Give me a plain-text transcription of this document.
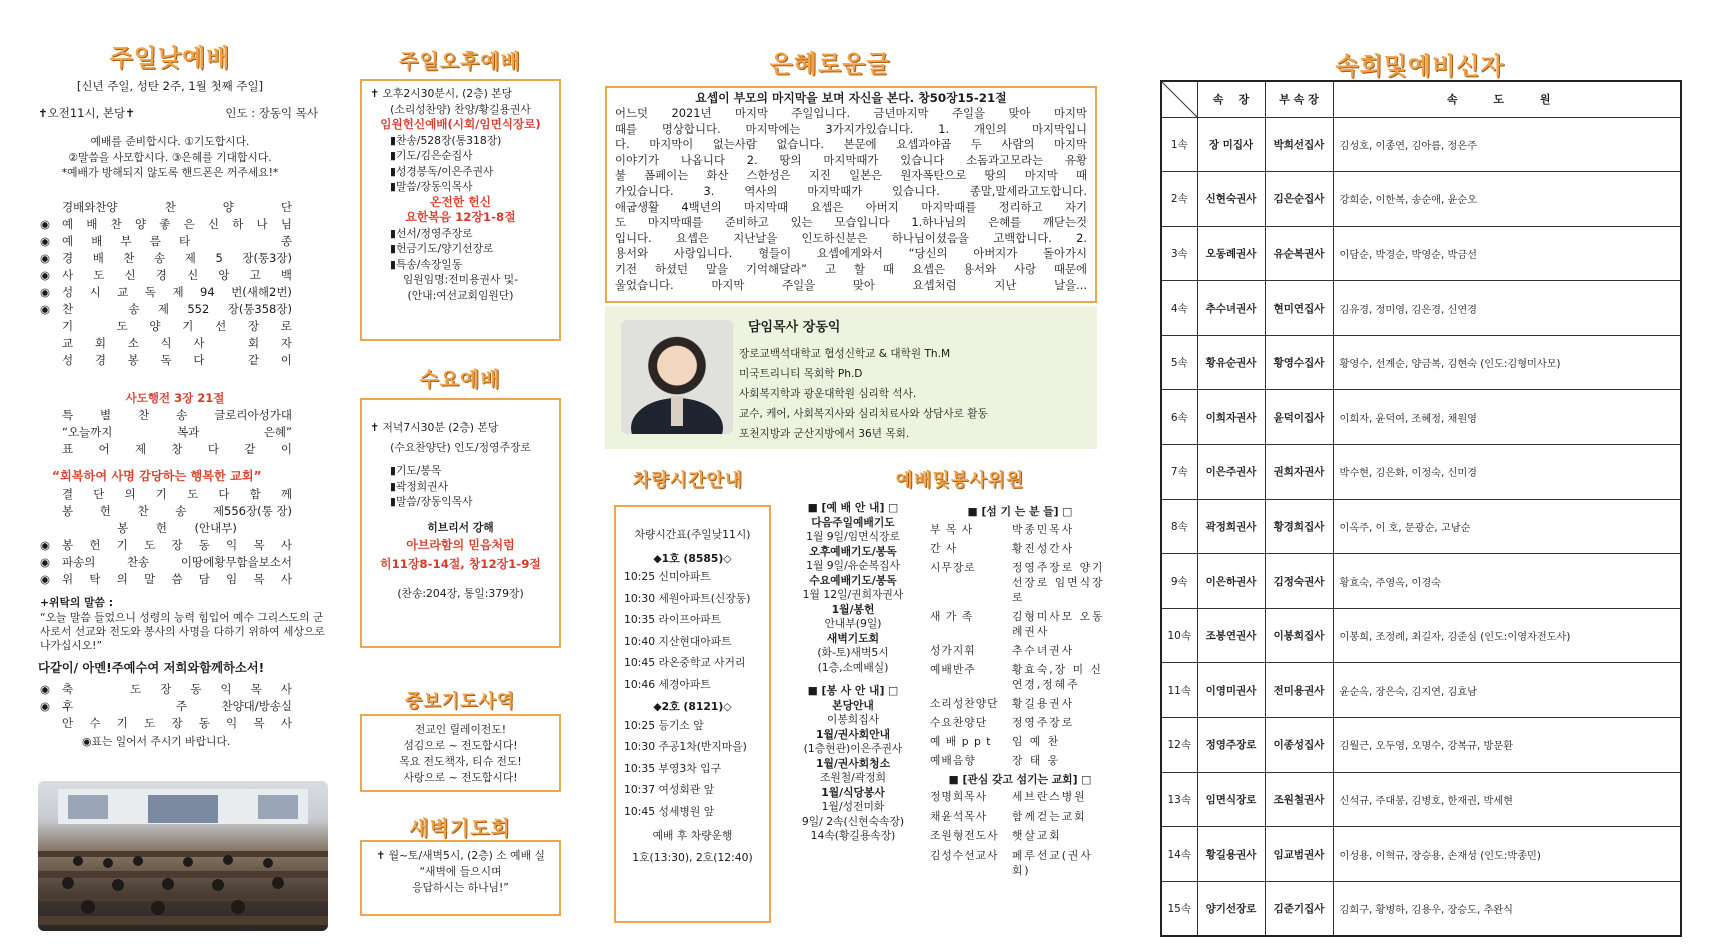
주일낮예배
[신년 주일, 성탄 2주, 1월 첫째 주일]
✝오전11시, 본당✝	인도 : 장동익 목사
예배를 준비합시다. ①기도합시다.
②말씀을 사모합시다. ③은혜를 기대합시다.
*예배가 방해되지 않도록 핸드폰은 꺼주세요!*
경배와찬양	찬	양	단
◉	예 배 찬 양 좋 은 신 하 나 님
◉	예 배 부 름 타	종
◉	경 배 찬 송 제 5 장(통3장)
◉	사 도 신 경 신 앙 고 백
◉	성 시 교 독 제 94 번(새해2번)
◉	찬	송 제 552 장(통358장)
기	도 양 기 선 장 로
교 회 소 식 사	회 자
성 경 봉 독 다	같 이
사도행전 3장 21절
특 별 찬 송 글로리아성가대
“오늘까지	복과	은혜”
표 어 제 창 다 같 이
“회복하여 사명 감당하는 행복한 교회”
결 단 의 기 도 다 함 께
봉 헌 찬 송 제556장(통 장)
봉 헌 (안내부)
◉	봉 헌 기 도 장 동 익 목 사
◉	파송의	찬송	이땅에황무함을보소서
◉	위 탁 의 말 씀 담 임 목 사
+위탁의 말씀 :
“오늘 말씀 들었으니 성령의 능력 힘입어 예수 그리스도의 군사로서 선교와 전도와 봉사의 사명을 다하기 위하여 세상으로 나가십시오!”
다같이/ 아멘!주예수여 저희와함께하소서!
◉	축	도 장 동 익 목 사
◉	후	주	찬양대/방송실
안 수 기 도 장 동 익 목 사
◉표는 일어서 주시기 바랍니다.
주일오후예배
✝ 오후2시30분시, (2층) 본당
(소리성찬양) 찬양/황길용권사
임원헌신예배(시회/임면식장로)
▮찬송/528장(통318장)
▮기도/김은순집사
▮성경봉독/이은주권사
▮말씀/장동익목사
온전한 헌신
요한복음 12장1-8절
▮선서/정영주장로
▮헌금기도/양기선장로
▮특송/속장일동
임원임명:전미용권사 및-
(안내:여선교회임원단)
수요예배
✝ 저녁7시30분 (2층) 본당
(수요찬양단) 인도/정영주장로
▮기도/봉목
▮곽정희권사
▮말씀/장동익목사
히브리서 강해
아브라함의 믿음처럼
히11장8-14절, 창12장1-9절
(찬송:204장, 통일:379장)
중보기도사역
전교인 릴레이전도!
섬김으로 ~ 전도합시다!
목요 전도책자, 티슈 전도!
사랑으로 ~ 전도합시다!
새벽기도회
✝ 월~토/새벽5시, (2층) 소 예배 실
“새벽에 들으시며
응답하시는 하나님!”
은혜로운글
요셉이 부모의 마지막을 보며 자신을 본다. 창50장15-21절
어느덧 2021년 마지막 주일입니다. 금년마지막 주일을 맞아 마지막
때를 명상합니다. 마지막에는 3가지가있습니다. 1. 개인의 마지막입니
다. 마지막이 없는사람 없습니다. 본문에 요셉과야곱 두 사람의 마지막
이야기가 나옵니다 2. 땅의 마지막때가 있습니다 소돔과고모라는 유황
불 폼페이는 화산 스한성은 지진 일본은 원자폭탄으로 땅의 마지막 때
가있습니다. 3. 역사의 마지막때가 있습니다. 종말,말세라고도합니다.
애굽생활 4백년의 마지막때 요셉은 아버지 마지막때를 정리하고 자기
도 마지막때를 준비하고 있는 모습입니다 1.하나님의 은혜를 깨닫는것
입니다. 요셉은 지난날을 인도하신분은 하나님이셨음을 고백합니다. 2.
용서와 사랑입니다. 형들이 요셉에게와서 “당신의 아버지가 돌아가시
기전 하셨던 말을 기억해달라” 고 할 때 요셉은 용서와 사랑 때문에
울었습니다. 마지막 주일을 맞아 요셉처럼 지난 날을...
담임목사 장동익
장로교백석대학교 협성신학교 & 대학원 Th.M
미국트리니티 목회학 Ph.D
사회복지학과 광운대학원 심리학 석사.
교수, 케어, 사회복지사와 심리치료사와 상담사로 활동
포천지방과 군산지방에서 36년 목회.
차량시간안내
차량시간표(주일낮11시)
◆1호 (8585)◇
10:25 신미아파트
10:30 세원아파트(신장동)
10:35 라이프아파트
10:40 지산현대아파트
10:45 라온중학교 사거리
10:46 세경아파트
◆2호 (8121)◇
10:25 등기소 앞
10:30 주공1차(반지마을)
10:35 부영3차 입구
10:37 여성회관 앞
10:45 성세병원 앞
예배 후 차량운행
1호(13:30), 2호(12:40)
예배및봉사위원
■ [예 배 안 내] □
다음주일예배기도
1월 9일/임면식장로
오후예배기도/봉독
1월 9일/유순복집사
수요예배기도/봉독
1월 12일/권희자권사
1월/봉헌
안내부(9일)
새벽기도회
(화-토)새벽5시
(1층,소예배실)
■ [봉 사 안 내] □
본당안내
이봉희집사
1월/권사회안내
(1층현관)이은주권사
1월/권사회청소
조원철/곽정희
1월/식당봉사
1월/성전미화
9일/ 2속(신현숙속장)
14속(황길용속장)
■ [섬 기 는 분 들] □
부 목 사	박종민목사
간 사	황진성간사
시무장로	정영주장로 양기선장로 임면식장로
새 가 족	김형미사모 오동례권사
성가지휘	추수녀권사
예배반주	황효숙,장 미 신연경,정혜주
소리성찬양단	황길용권사
수요찬양단	정영주장로
예 배 p p t	임 예 찬
예배음향	장 태 웅
■ [관심 갖고 섬기는 교회] □
정명희목사	세브란스병원
채윤석목사	함께걷는교회
조원형전도사	햇살교회
김성수선교사	페루선교(권사회)
속회및예비신자
	속 장	부 속 장	속 도 원
1속	장 미집사	박희선집사	김성호, 이종연, 김아름, 정은주
2속	신현숙권사	김은순집사	강희순, 이한복, 송순애, 윤순오
3속	오동례권사	유순복권사	이담순, 박경순, 박영순, 박금선
4속	추수녀권사	현미연집사	김유경, 정미영, 김은경, 신연경
5속	황유순권사	황영수집사	황영수, 선계순, 양금복, 김현숙 (인도:김형미사모)
6속	이희자권사	윤덕이집사	이희자, 윤덕여, 조혜정, 채원영
7속	이은주권사	권희자권사	박수현, 김은화, 이정숙, 신미경
8속	곽정희권사	황경희집사	이옥주, 이 호, 문광순, 고남순
9속	이은하권사	김정숙권사	황효숙, 주영옥, 이경숙
10속	조봉연권사	이봉희집사	이봉희, 조정례, 최길자, 김준심 (인도:이영자전도사)
11속	이영미권사	전미용권사	윤순옥, 장은숙, 김지연, 김효남
12속	정영주장로	이종성집사	김월근, 오두영, 오명수, 강복규, 방문환
13속	임면식장로	조원철권사	신석규, 주대봉, 김병호, 한재권, 박세현
14속	황길용권사	임교범권사	이성용, 이혁규, 장승용, 손재성 (인도:박종민)
15속	양기선장로	김준기집사	김희구, 황병하, 김용우, 장승도, 추완식
